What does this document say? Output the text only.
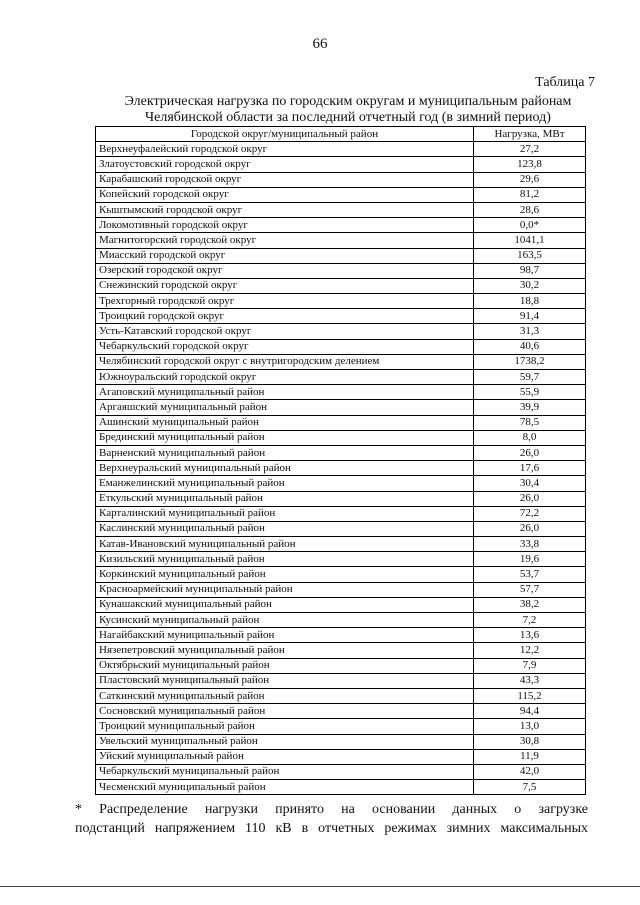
66
Таблица 7
Электрическая нагрузка по городским округам и муниципальным районам
Челябинской области за последний отчетный год (в зимний период)
Городской округ/муниципальный район	Нагрузка, МВт
Верхнеуфалейский городской округ	27,2
Златоустовский городской округ	123,8
Карабашский городской округ	29,6
Копейский городской округ	81,2
Кыштымский городской округ	28,6
Локомотивный городской округ	0,0*
Магнитогорский городской округ	1041,1
Миасский городской округ	163,5
Озерский городской округ	98,7
Снежинский городской округ	30,2
Трехгорный городской округ	18,8
Троицкий городской округ	91,4
Усть-Катавский городской округ	31,3
Чебаркульский городской округ	40,6
Челябинский городской округ с внутригородским делением	1738,2
Южноуральский городской округ	59,7
Агаповский муниципальный район	55,9
Аргаяшский муниципальный район	39,9
Ашинский муниципальный район	78,5
Брединский муниципальный район	8,0
Варненский муниципальный район	26,0
Верхнеуральский муниципальный район	17,6
Еманжелинский муниципальный район	30,4
Еткульский муниципальный район	26,0
Карталинский муниципальный район	72,2
Каслинский муниципальный район	26,0
Катав-Ивановский муниципальный район	33,8
Кизильский муниципальный район	19,6
Коркинский муниципальный район	53,7
Красноармейский муниципальный район	57,7
Кунашакский муниципальный район	38,2
Кусинский муниципальный район	7,2
Нагайбакский муниципальный район	13,6
Нязепетровский муниципальный район	12,2
Октябрьский муниципальный район	7,9
Пластовский муниципальный район	43,3
Саткинский муниципальный район	115,2
Сосновский муниципальный район	94,4
Троицкий муниципальный район	13,0
Увельский муниципальный район	30,8
Уйский муниципальный район	11,9
Чебаркульский муниципальный район	42,0
Чесменский муниципальный район	7,5
* Распределение нагрузки принято на основании данных о загрузке
подстанций напряжением 110 кВ в отчетных режимах зимних максимальных
